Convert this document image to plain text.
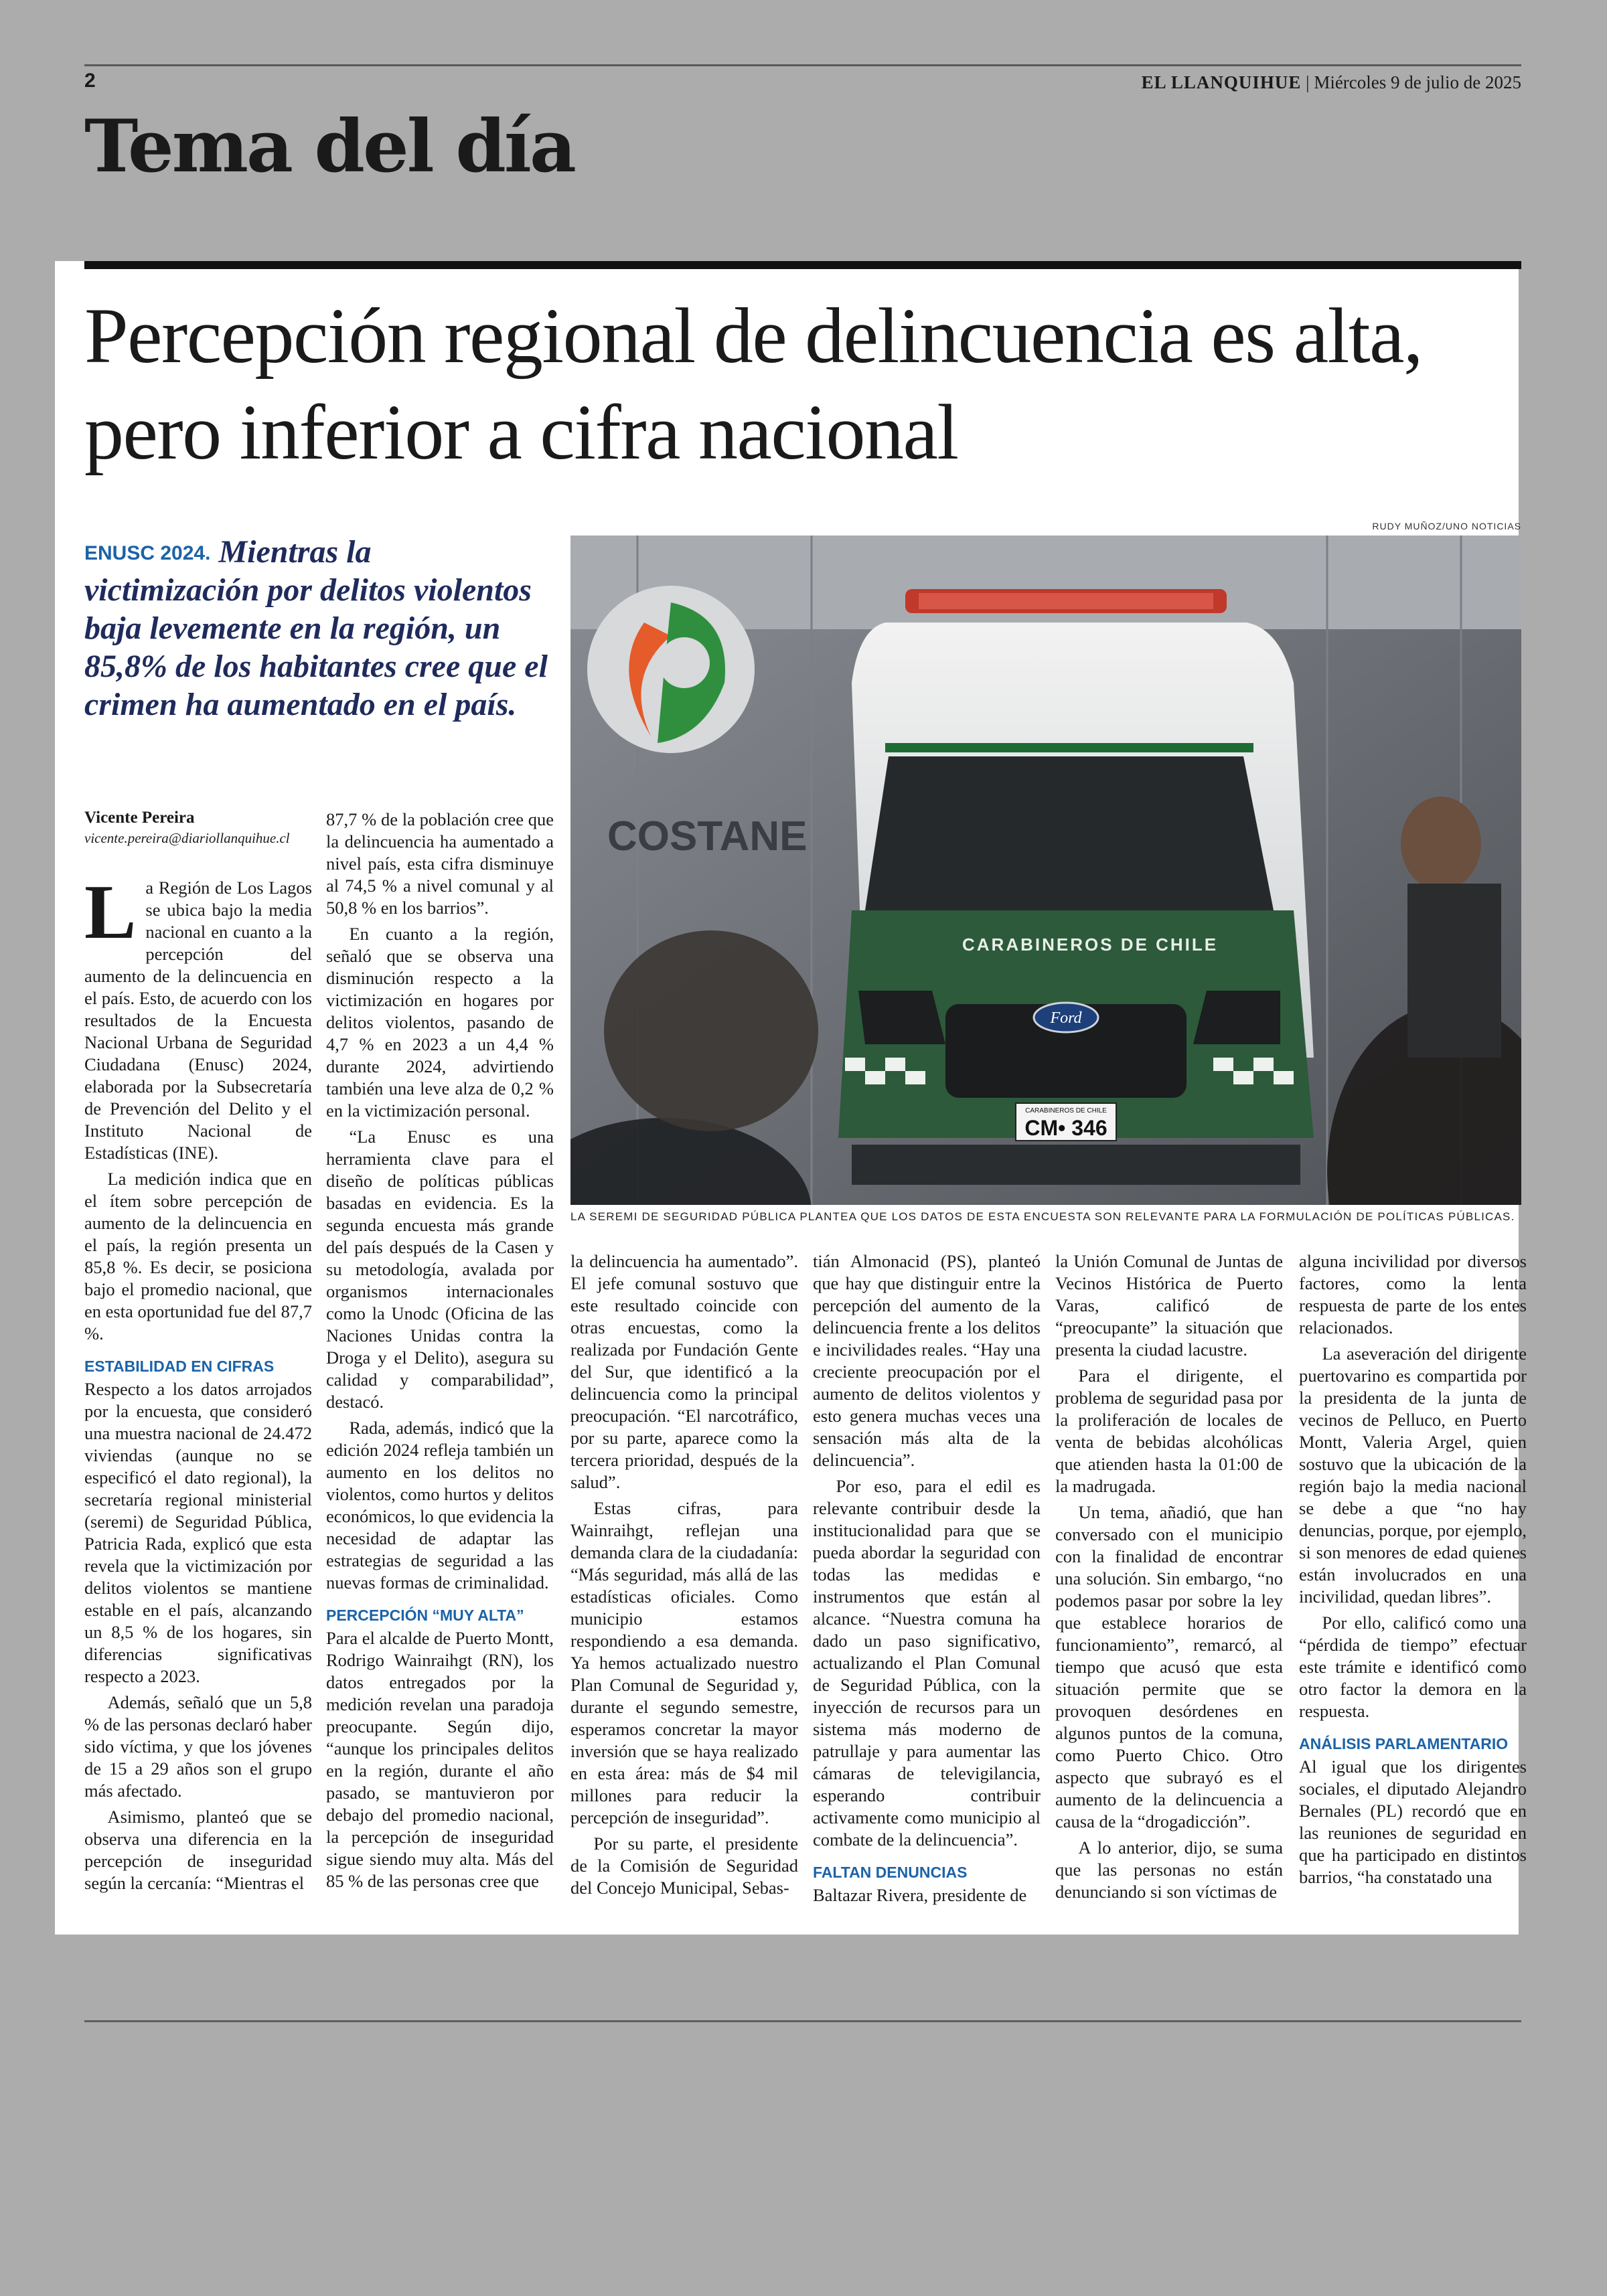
2	EL LLANQUIHUE | Miércoles 9 de julio de 2025
Tema del día
Percepción regional de delincuencia es alta, pero inferior a cifra nacional
ENUSC 2024. Mientras la victimización por delitos violentos baja levemente en la región, un 85,8% de los habitantes cree que el crimen ha aumentado en el país.
Vicente Pereira
vicente.pereira@diariollanquihue.cl

La Región de Los Lagos se ubica bajo la media nacional en cuanto a la percepción del aumento de la delincuencia en el país. Esto, de acuerdo con los resultados de la Encuesta Nacional Urbana de Seguridad Ciudadana (Enusc) 2024, elaborada por la Subsecretaría de Prevención del Delito y el Instituto Nacional de Estadísticas (INE).

La medición indica que en el ítem sobre percepción de aumento de la delincuencia en el país, la región presenta un 85,8 %. Es decir, se posiciona bajo el promedio nacional, que en esta oportunidad fue del 87,7 %.

ESTABILIDAD EN CIFRAS

Respecto a los datos arrojados por la encuesta, que consideró una muestra nacional de 24.472 viviendas (aunque no se especificó el dato regional), la secretaría regional ministerial (seremi) de Seguridad Pública, Patricia Rada, explicó que esta revela que la victimización por delitos violentos se mantiene estable en el país, alcanzando un 8,5 % de los hogares, sin diferencias significativas respecto a 2023.

Además, señaló que un 5,8 % de las personas declaró haber sido víctima, y que los jóvenes de 15 a 29 años son el grupo más afectado.

Asimismo, planteó que se observa una diferencia en la percepción de inseguridad según la cercanía: “Mientras el

87,7 % de la población cree que la delincuencia ha aumentado a nivel país, esta cifra disminuye al 74,5 % a nivel comunal y al 50,8 % en los barrios”.

En cuanto a la región, señaló que se observa una disminución respecto a la victimización en hogares por delitos violentos, pasando de 4,7 % en 2023 a un 4,4 % durante 2024, advirtiendo también una leve alza de 0,2 % en la victimización personal.

“La Enusc es una herramienta clave para el diseño de políticas públicas basadas en evidencia. Es la segunda encuesta más grande del país después de la Casen y su metodología, avalada por organismos internacionales como la Unodc (Oficina de las Naciones Unidas contra la Droga y el Delito), asegura su calidad y comparabilidad”, destacó.

Rada, además, indicó que la edición 2024 refleja también un aumento en los delitos no violentos, como hurtos y delitos económicos, lo que evidencia la necesidad de adaptar las estrategias de seguridad a las nuevas formas de criminalidad.

PERCEPCIÓN “MUY ALTA”

Para el alcalde de Puerto Montt, Rodrigo Wainraihgt (RN), los datos entregados por la medición revelan una paradoja preocupante. Según dijo, “aunque los principales delitos en la región, durante el año pasado, se mantuvieron por debajo del promedio nacional, la percepción de inseguridad sigue siendo muy alta. Más del 85 % de las personas cree que

RUDY MUÑOZ/UNO NOTICIAS
COSTANE
CARABINEROS DE CHILE
Ford
CARABINEROS DE CHILE
CM• 346
LA SEREMI DE SEGURIDAD PÚBLICA PLANTEA QUE LOS DATOS DE ESTA ENCUESTA SON RELEVANTE PARA LA FORMULACIÓN DE POLÍTICAS PÚBLICAS.

la delincuencia ha aumentado”. El jefe comunal sostuvo que este resultado coincide con otras encuestas, como la realizada por Fundación Gente del Sur, que identificó a la delincuencia como la principal preocupación. “El narcotráfico, por su parte, aparece como la tercera prioridad, después de la salud”.

Estas cifras, para Wainraihgt, reflejan una demanda clara de la ciudadanía: “Más seguridad, más allá de las estadísticas oficiales. Como municipio estamos respondiendo a esa demanda. Ya hemos actualizado nuestro Plan Comunal de Seguridad y, durante el segundo semestre, esperamos concretar la mayor inversión que se haya realizado en esta área: más de $4 mil millones para reducir la percepción de inseguridad”.

Por su parte, el presidente de la Comisión de Seguridad del Concejo Municipal, Sebas-

tián Almonacid (PS), planteó que hay que distinguir entre la percepción del aumento de la delincuencia frente a los delitos e incivilidades reales. “Hay una creciente preocupación por el aumento de delitos violentos y esto genera muchas veces una sensación más alta de la delincuencia”.

Por eso, para el edil es relevante contribuir desde la institucionalidad para que se pueda abordar la seguridad con todas las medidas e instrumentos que están al alcance. “Nuestra comuna ha dado un paso significativo, actualizando el Plan Comunal de Seguridad Pública, con la inyección de recursos para un sistema más moderno de patrullaje y para aumentar las cámaras de televigilancia, esperando contribuir activamente como municipio al combate de la delincuencia”.

FALTAN DENUNCIAS

Baltazar Rivera, presidente de

la Unión Comunal de Juntas de Vecinos Histórica de Puerto Varas, calificó de “preocupante” la situación que presenta la ciudad lacustre.

Para el dirigente, el problema de seguridad pasa por la proliferación de locales de venta de bebidas alcohólicas que atienden hasta la 01:00 de la madrugada.

Un tema, añadió, que han conversado con el municipio con la finalidad de encontrar una solución. Sin embargo, “no podemos pasar por sobre la ley que establece horarios de funcionamiento”, remarcó, al tiempo que acusó que esta situación permite que se provoquen desórdenes en algunos puntos de la comuna, como Puerto Chico. Otro aspecto que subrayó es el aumento de la delincuencia a causa de la “drogadicción”.

A lo anterior, dijo, se suma que las personas no están denunciando si son víctimas de

alguna incivilidad por diversos factores, como la lenta respuesta de parte de los entes relacionados.

La aseveración del dirigente puertovarino es compartida por la presidenta de la junta de vecinos de Pelluco, en Puerto Montt, Valeria Argel, quien sostuvo que la ubicación de la región bajo la media nacional se debe a que “no hay denuncias, porque, por ejemplo, si son menores de edad quienes están involucrados en una incivilidad, quedan libres”.

Por ello, calificó como una “pérdida de tiempo” efectuar este trámite e identificó como otro factor la demora en la respuesta.

ANÁLISIS PARLAMENTARIO

Al igual que los dirigentes sociales, el diputado Alejandro Bernales (PL) recordó que en las reuniones de seguridad en que ha participado en distintos barrios, “ha constatado una
